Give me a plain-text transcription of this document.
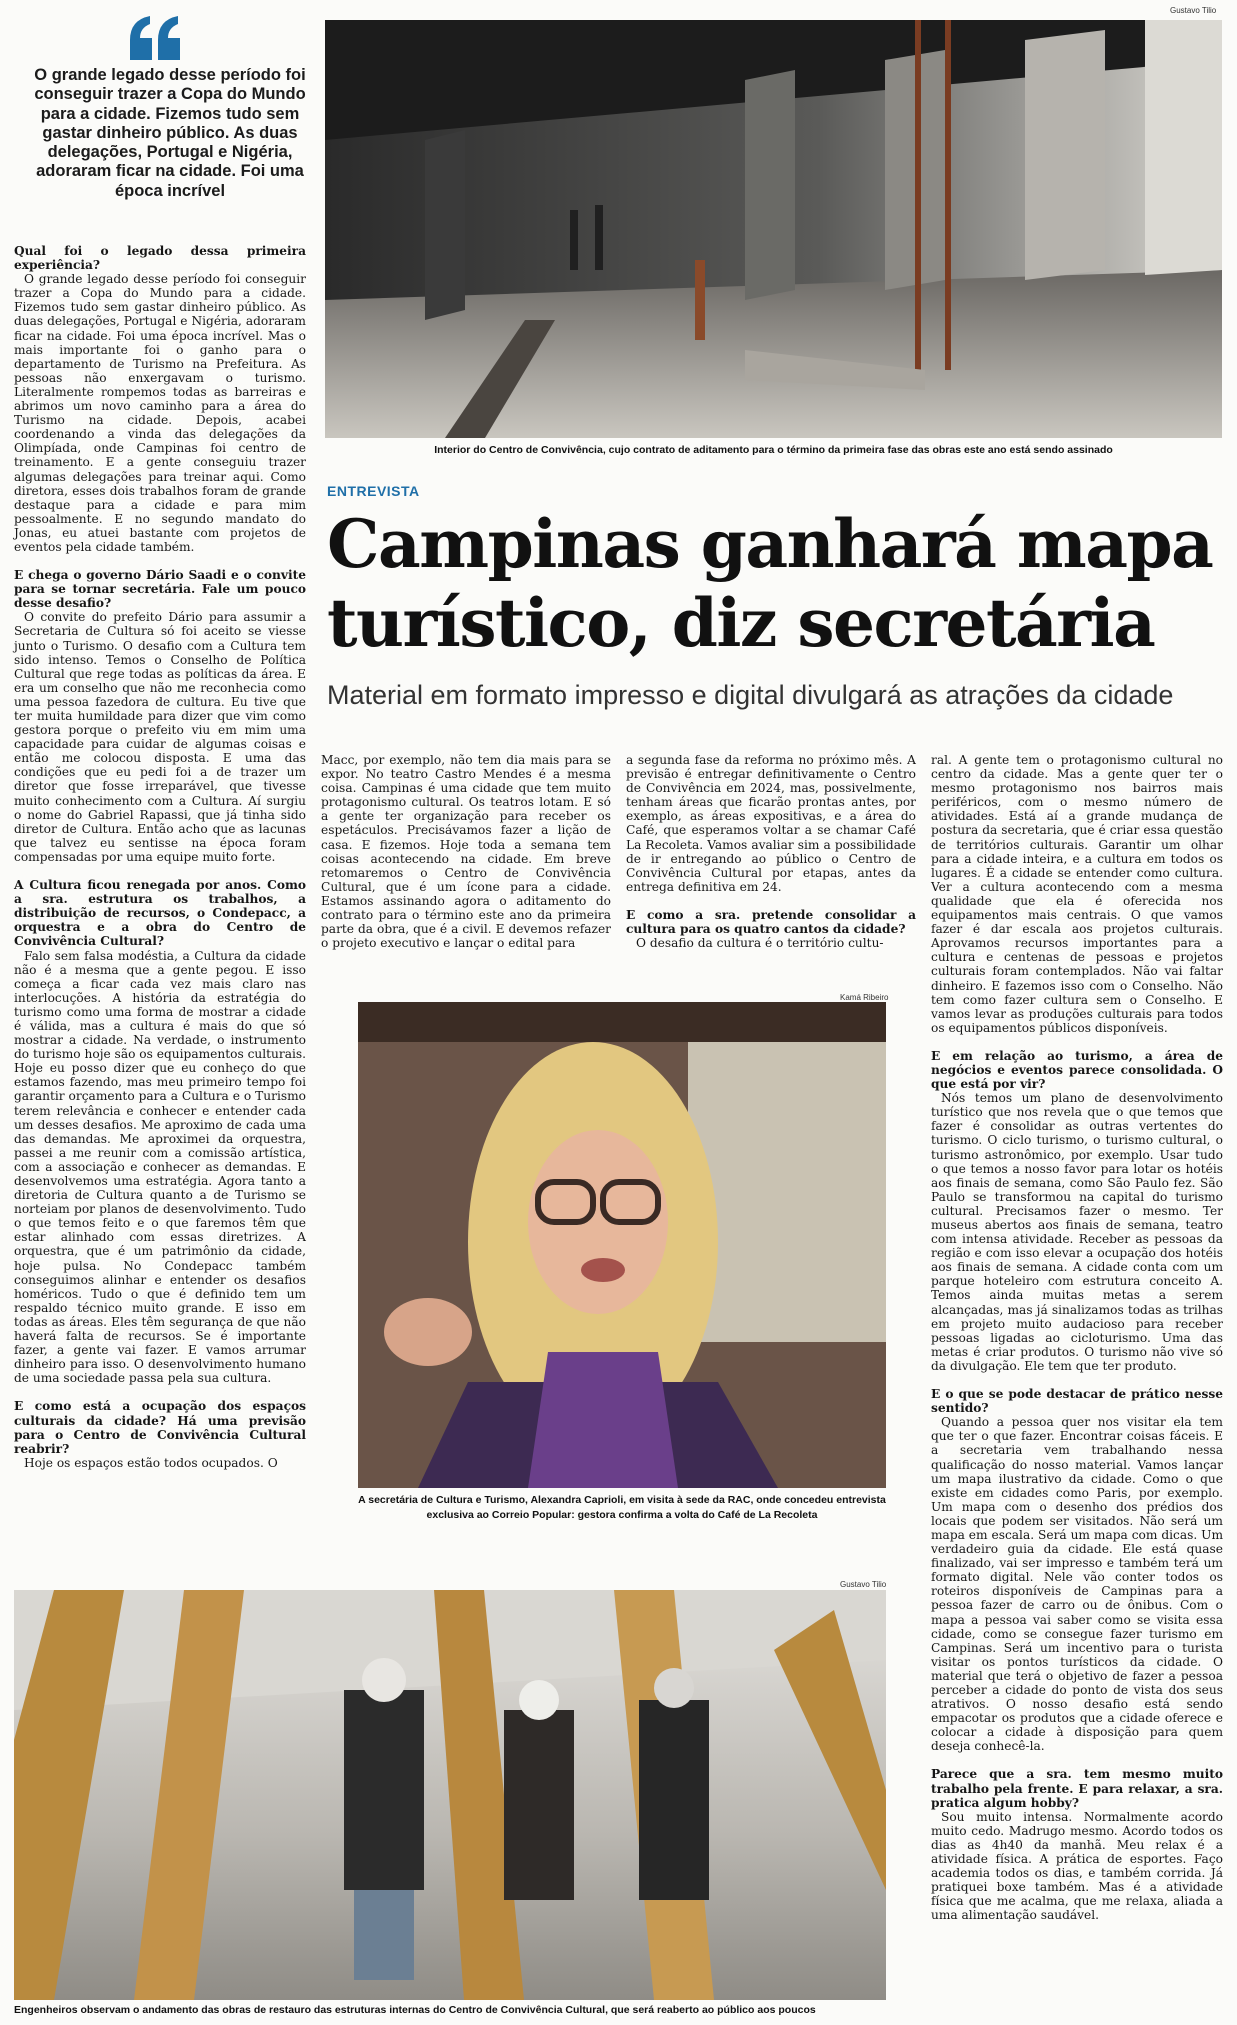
Gustavo Tilio
Kamá Ribeiro
Gustavo Tilio
O grande legado desse período foi conseguir trazer a Copa do Mundo para a cidade. Fizemos tudo sem gastar dinheiro público. As duas delegações, Portugal e Nigéria, adoraram ficar na cidade. Foi uma época incrível
Interior do Centro de Convivência, cujo contrato de aditamento para o término da primeira fase das obras este ano está sendo assinado
ENTREVISTA
Campinas ganhará mapa turístico, diz secretária
Material em formato impresso e digital divulgará as atrações da cidade

Qual foi o legado dessa primeira experiência?

O grande legado desse período foi conseguir trazer a Copa do Mundo para a cidade. Fizemos tudo sem gastar dinheiro público. As duas delegações, Portugal e Nigéria, adoraram ficar na cidade. Foi uma época incrível. Mas o mais importante foi o ganho para o departamento de Turismo na Prefeitura. As pessoas não enxergavam o turismo. Literalmente rompemos todas as barreiras e abrimos um novo caminho para a área do Turismo na cidade. Depois, acabei coordenando a vinda das delegações da Olimpíada, onde Campinas foi centro de treinamento. E a gente conseguiu trazer algumas delegações para treinar aqui. Como diretora, esses dois trabalhos foram de grande destaque para a cidade e para mim pessoalmente. E no segundo mandato do Jonas, eu atuei bastante com projetos de eventos pela cidade também.

E chega o governo Dário Saadi e o convite para se tornar secretária. Fale um pouco desse desafio?

O convite do prefeito Dário para assumir a Secretaria de Cultura só foi aceito se viesse junto o Turismo. O desafio com a Cultura tem sido intenso. Temos o Conselho de Política Cultural que rege todas as políticas da área. E era um conselho que não me reconhecia como uma pessoa fazedora de cultura. Eu tive que ter muita humildade para dizer que vim como gestora porque o prefeito viu em mim uma capacidade para cuidar de algumas coisas e então me colocou disposta. E uma das condições que eu pedi foi a de trazer um diretor que fosse irreparável, que tivesse muito conhecimento com a Cultura. Aí surgiu o nome do Gabriel Rapassi, que já tinha sido diretor de Cultura. Então acho que as lacunas que talvez eu sentisse na época foram compensadas por uma equipe muito forte.

A Cultura ficou renegada por anos. Como a sra. estrutura os trabalhos, a distribuição de recursos, o Condepacc, a orquestra e a obra do Centro de Convivência Cultural?

Falo sem falsa modéstia, a Cultura da cidade não é a mesma que a gente pegou. E isso começa a ficar cada vez mais claro nas interlocuções. A história da estratégia do turismo como uma forma de mostrar a cidade é válida, mas a cultura é mais do que só mostrar a cidade. Na verdade, o instrumento do turismo hoje são os equipamentos culturais. Hoje eu posso dizer que eu conheço do que estamos fazendo, mas meu primeiro tempo foi garantir orçamento para a Cultura e o Turismo terem relevância e conhecer e entender cada um desses desafios. Me aproximo de cada uma das demandas. Me aproximei da orquestra, passei a me reunir com a comissão artística, com a associação e conhecer as demandas. E desenvolvemos uma estratégia. Agora tanto a diretoria de Cultura quanto a de Turismo se norteiam por planos de desenvolvimento. Tudo o que temos feito e o que faremos têm que estar alinhado com essas diretrizes. A orquestra, que é um patrimônio da cidade, hoje pulsa. No Condepacc também conseguimos alinhar e entender os desafios homéricos. Tudo o que é definido tem um respaldo técnico muito grande. E isso em todas as áreas. Eles têm segurança de que não haverá falta de recursos. Se é importante fazer, a gente vai fazer. E vamos arrumar dinheiro para isso. O desenvolvimento humano de uma sociedade passa pela sua cultura.

E como está a ocupação dos espaços culturais da cidade? Há uma previsão para o Centro de Convivência Cultural reabrir?

Hoje os espaços estão todos ocupados. O

Macc, por exemplo, não tem dia mais para se expor. No teatro Castro Mendes é a mesma coisa. Campinas é uma cidade que tem muito protagonismo cultural. Os teatros lotam. E só a gente ter organização para receber os espetáculos. Precisávamos fazer a lição de casa. E fizemos. Hoje toda a semana tem coisas acontecendo na cidade. Em breve retomaremos o Centro de Convivência Cultural, que é um ícone para a cidade. Estamos assinando agora o aditamento do contrato para o término este ano da primeira parte da obra, que é a civil. E devemos refazer o projeto executivo e lançar o edital para

a segunda fase da reforma no próximo mês. A previsão é entregar definitivamente o Centro de Convivência em 2024, mas, possivelmente, tenham áreas que ficarão prontas antes, por exemplo, as áreas expositivas, e a área do Café, que esperamos voltar a se chamar Café La Recoleta. Vamos avaliar sim a possibilidade de ir entregando ao público o Centro de Convivência Cultural por etapas, antes da entrega definitiva em 24.

E como a sra. pretende consolidar a cultura para os quatro cantos da cidade?

O desafio da cultura é o território cultu-

ral. A gente tem o protagonismo cultural no centro da cidade. Mas a gente quer ter o mesmo protagonismo nos bairros mais periféricos, com o mesmo número de atividades. Está aí a grande mudança de postura da secretaria, que é criar essa questão de territórios culturais. Garantir um olhar para a cidade inteira, e a cultura em todos os lugares. É a cidade se entender como cultura. Ver a cultura acontecendo com a mesma qualidade que ela é oferecida nos equipamentos mais centrais. O que vamos fazer é dar escala aos projetos culturais. Aprovamos recursos importantes para a cultura e centenas de pessoas e projetos culturais foram contemplados. Não vai faltar dinheiro. E fazemos isso com o Conselho. Não tem como fazer cultura sem o Conselho. E vamos levar as produções culturais para todos os equipamentos públicos disponíveis.

E em relação ao turismo, a área de negócios e eventos parece consolidada. O que está por vir?

Nós temos um plano de desenvolvimento turístico que nos revela que o que temos que fazer é consolidar as outras vertentes do turismo. O ciclo turismo, o turismo cultural, o turismo astronômico, por exemplo. Usar tudo o que temos a nosso favor para lotar os hotéis aos finais de semana, como São Paulo fez. São Paulo se transformou na capital do turismo cultural. Precisamos fazer o mesmo. Ter museus abertos aos finais de semana, teatro com intensa atividade. Receber as pessoas da região e com isso elevar a ocupação dos hotéis aos finais de semana. A cidade conta com um parque hoteleiro com estrutura conceito A. Temos ainda muitas metas a serem alcançadas, mas já sinalizamos todas as trilhas em projeto muito audacioso para receber pessoas ligadas ao cicloturismo. Uma das metas é criar produtos. O turismo não vive só da divulgação. Ele tem que ter produto.

E o que se pode destacar de prático nesse sentido?

Quando a pessoa quer nos visitar ela tem que ter o que fazer. Encontrar coisas fáceis. E a secretaria vem trabalhando nessa qualificação do nosso material. Vamos lançar um mapa ilustrativo da cidade. Como o que existe em cidades como Paris, por exemplo. Um mapa com o desenho dos prédios dos locais que podem ser visitados. Não será um mapa em escala. Será um mapa com dicas. Um verdadeiro guia da cidade. Ele está quase finalizado, vai ser impresso e também terá um formato digital. Nele vão conter todos os roteiros disponíveis de Campinas para a pessoa fazer de carro ou de ônibus. Com o mapa a pessoa vai saber como se visita essa cidade, como se consegue fazer turismo em Campinas. Será um incentivo para o turista visitar os pontos turísticos da cidade. O material que terá o objetivo de fazer a pessoa perceber a cidade do ponto de vista dos seus atrativos. O nosso desafio está sendo empacotar os produtos que a cidade oferece e colocar a cidade à disposição para quem deseja conhecê-la.

Parece que a sra. tem mesmo muito trabalho pela frente. E para relaxar, a sra. pratica algum hobby?

Sou muito intensa. Normalmente acordo muito cedo. Madrugo mesmo. Acordo todos os dias as 4h40 da manhã. Meu relax é a atividade física. A prática de esportes. Faço academia todos os dias, e também corrida. Já pratiquei boxe também. Mas é a atividade física que me acalma, que me relaxa, aliada a uma alimentação saudável.

A secretária de Cultura e Turismo, Alexandra Caprioli, em visita à sede da RAC, onde concedeu entrevista exclusiva ao Correio Popular: gestora confirma a volta do Café de La Recoleta
Engenheiros observam o andamento das obras de restauro das estruturas internas do Centro de Convivência Cultural, que será reaberto ao público aos poucos
